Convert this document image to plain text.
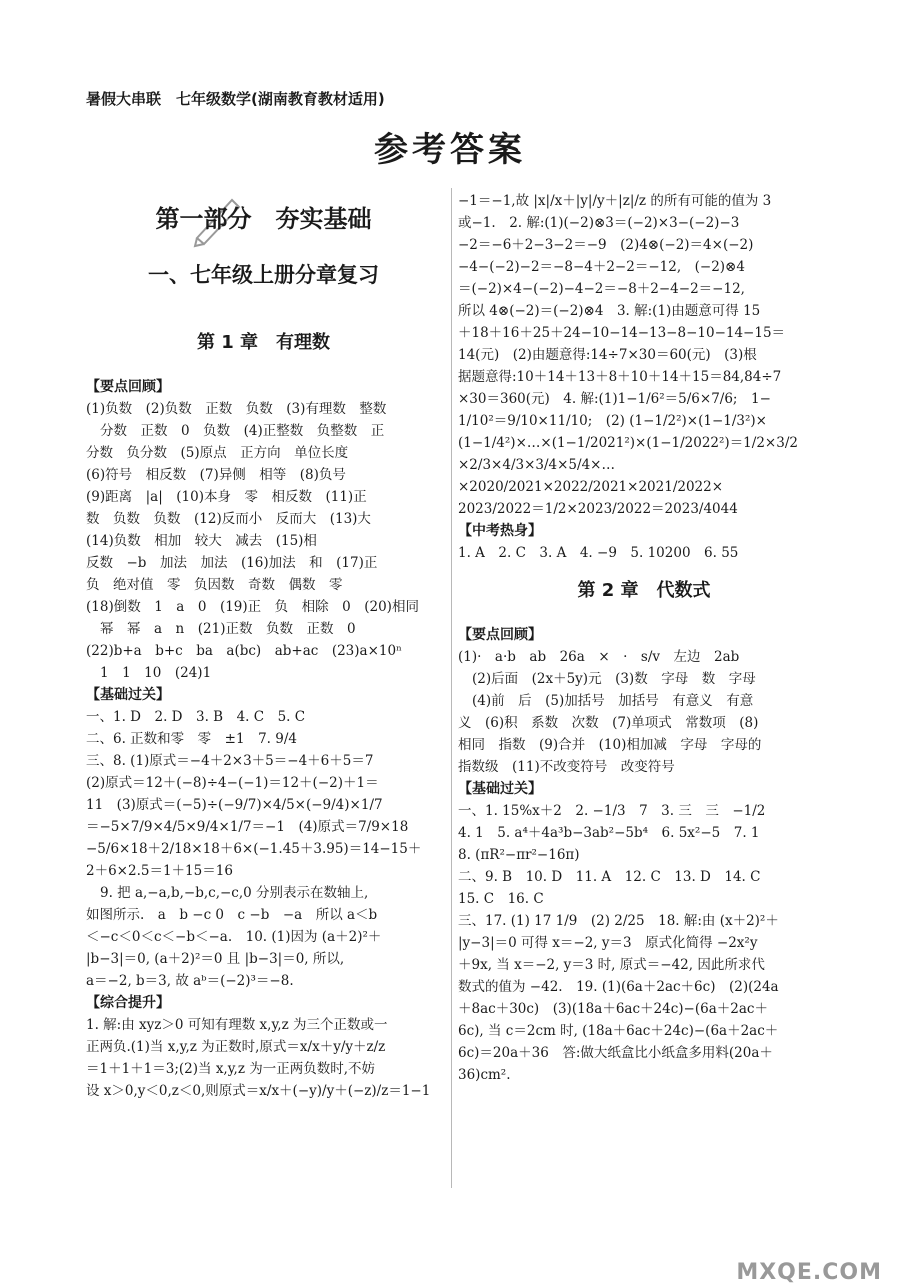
暑假大串联　七年级数学(湖南教育教材适用)
参考答案
第一部分　夯实基础
一、七年级上册分章复习
第 1 章　有理数
【要点回顾】

(1)负数　(2)负数　正数　负数　(3)有理数　整数

分数　正数　0　负数　(4)正整数　负整数　正

分数　负分数　(5)原点　正方向　单位长度

(6)符号　相反数　(7)异侧　相等　(8)负号

(9)距离　|a|　(10)本身　零　相反数　(11)正

数　负数　负数　(12)反而小　反而大　(13)大

(14)负数　相加　较大　减去　(15)相

反数　−b　加法　加法　(16)加法　和　(17)正

负　绝对值　零　负因数　奇数　偶数　零

(18)倒数　1　a　0　(19)正　负　相除　0　(20)相同

幂　幂　a　n　(21)正数　负数　正数　0

(22)b+a　b+c　ba　a(bc)　ab+ac　(23)a×10ⁿ

1　1　10　(24)1

【基础过关】

一、1. D　2. D　3. B　4. C　5. C

二、6. 正数和零　零　±1　7. 9/4

三、8. (1)原式＝−4＋2×3＋5＝−4＋6＋5＝7

(2)原式＝12＋(−8)÷4−(−1)＝12＋(−2)＋1＝

11　(3)原式＝(−5)÷(−9/7)×4/5×(−9/4)×1/7

＝−5×7/9×4/5×9/4×1/7＝−1　(4)原式＝7/9×18

−5/6×18＋2/18×18＋6×(−1.45＋3.95)＝14−15＋

2＋6×2.5＝1＋15＝16

9. 把 a,−a,b,−b,c,−c,0 分别表示在数轴上,

如图所示.　a　b −c 0　c −b　−a　所以 a＜b

＜−c＜0＜c＜−b＜−a.　10. (1)因为 (a＋2)²＋

|b−3|＝0, (a＋2)²＝0 且 |b−3|＝0, 所以,

a＝−2, b＝3, 故 aᵇ＝(−2)³＝−8.

【综合提升】

1. 解:由 xyz＞0 可知有理数 x,y,z 为三个正数或一

正两负.(1)当 x,y,z 为正数时,原式＝x/x＋y/y＋z/z

＝1＋1＋1＝3;(2)当 x,y,z 为一正两负数时,不妨

设 x＞0,y＜0,z＜0,则原式＝x/x＋(−y)/y＋(−z)/z＝1−1

−1＝−1,故 |x|/x＋|y|/y＋|z|/z 的所有可能的值为 3

或−1.　2. 解:(1)(−2)⊗3＝(−2)×3−(−2)−3

−2＝−6＋2−3−2＝−9　(2)4⊗(−2)＝4×(−2)

−4−(−2)−2＝−8−4＋2−2＝−12,　(−2)⊗4

＝(−2)×4−(−2)−4−2＝−8＋2−4−2＝−12,

所以 4⊗(−2)＝(−2)⊗4　3. 解:(1)由题意可得 15

＋18＋16＋25＋24−10−14−13−8−10−14−15＝

14(元)　(2)由题意得:14÷7×30＝60(元)　(3)根

据题意得:10＋14＋13＋8＋10＋14＋15＝84,84÷7

×30＝360(元)　4. 解:(1)1−1/6²＝5/6×7/6;　1−

1/10²＝9/10×11/10;　(2) (1−1/2²)×(1−1/3²)×

(1−1/4²)×…×(1−1/2021²)×(1−1/2022²)＝1/2×3/2

×2/3×4/3×3/4×5/4×…×2020/2021×2022/2021×2021/2022×

2023/2022＝1/2×2023/2022＝2023/4044

【中考热身】

1. A　2. C　3. A　4. −9　5. 10200　6. 55

第 2 章　代数式
【要点回顾】

(1)·　a·b　ab　26a　×　·　s/v　左边　2ab

(2)后面　(2x＋5y)元　(3)数　字母　数　字母

(4)前　后　(5)加括号　加括号　有意义　有意

义　(6)积　系数　次数　(7)单项式　常数项　(8)

相同　指数　(9)合并　(10)相加减　字母　字母的

指数级　(11)不改变符号　改变符号

【基础过关】

一、1. 15%x＋2　2. −1/3　7　3. 三　三　−1/2

4. 1　5. a⁴＋4a³b−3ab²−5b⁴　6. 5x²−5　7. 1

8. (πR²−πr²−16π)

二、9. B　10. D　11. A　12. C　13. D　14. C

15. C　16. C

三、17. (1) 17 1/9　(2) 2/25　18. 解:由 (x＋2)²＋

|y−3|＝0 可得 x＝−2, y＝3　原式化简得 −2x²y

＋9x, 当 x＝−2, y＝3 时, 原式＝−42, 因此所求代

数式的值为 −42.　19. (1)(6a＋2ac＋6c)　(2)(24a

＋8ac＋30c)　(3)(18a＋6ac＋24c)−(6a＋2ac＋

6c), 当 c＝2cm 时, (18a＋6ac＋24c)−(6a＋2ac＋

6c)＝20a＋36　答:做大纸盒比小纸盒多用料(20a＋

36)cm².

MXQE.COM
